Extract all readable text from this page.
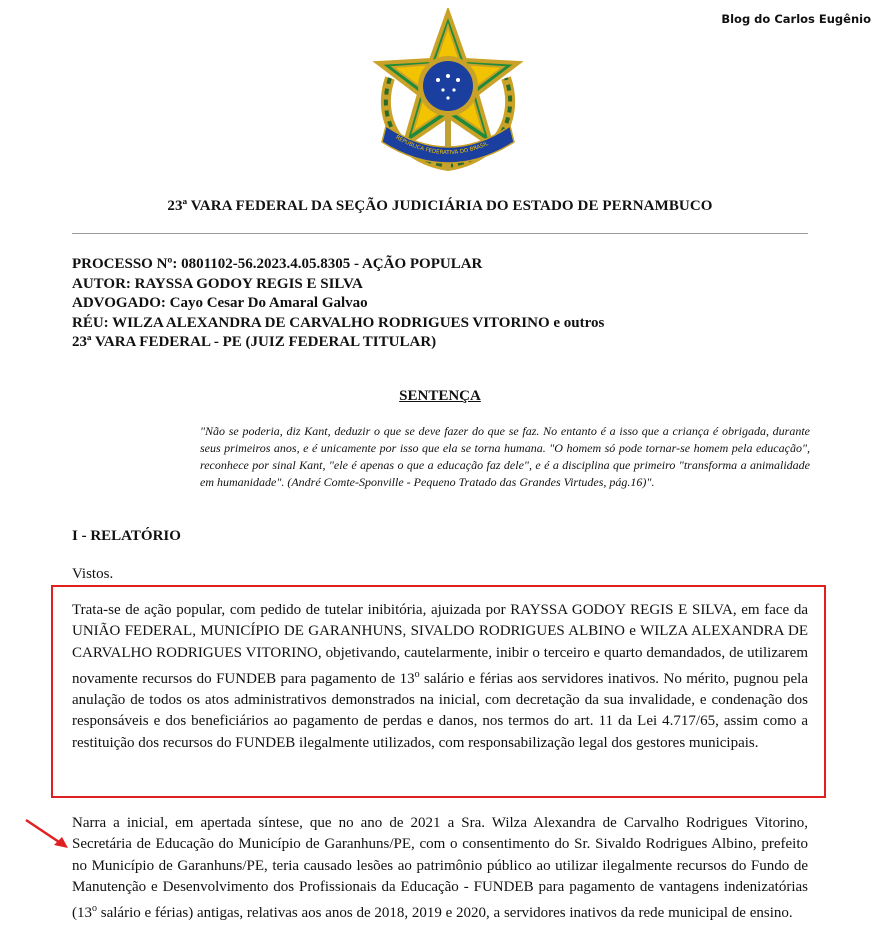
Blog do Carlos Eugênio
REPÚBLICA FEDERATIVA DO BRASIL
23ª VARA FEDERAL DA SEÇÃO JUDICIÁRIA DO ESTADO DE PERNAMBUCO
PROCESSO Nº: 0801102-56.2023.4.05.8305 - AÇÃO POPULAR
AUTOR: RAYSSA GODOY REGIS E SILVA
ADVOGADO: Cayo Cesar Do Amaral Galvao
RÉU: WILZA ALEXANDRA DE CARVALHO RODRIGUES VITORINO e outros
23ª VARA FEDERAL - PE (JUIZ FEDERAL TITULAR)
SENTENÇA
"Não se poderia, diz Kant, deduzir o que se deve fazer do que se faz. No entanto é a isso que a criança é obrigada, durante seus primeiros anos, e é unicamente por isso que ela se torna humana. "O homem só pode tornar-se homem pela educação", reconhece por sinal Kant, "ele é apenas o que a educação faz dele", e é a disciplina que primeiro "transforma a animalidade em humanidade". (André Comte-Sponville - Pequeno Tratado das Grandes Virtudes, pág.16)".
I - RELATÓRIO
Vistos.
Trata-se de ação popular, com pedido de tutelar inibitória, ajuizada por RAYSSA GODOY REGIS E SILVA, em face da UNIÃO FEDERAL, MUNICÍPIO DE GARANHUNS, SIVALDO RODRIGUES ALBINO e WILZA ALEXANDRA DE CARVALHO RODRIGUES VITORINO, objetivando, cautelarmente, inibir o terceiro e quarto demandados, de utilizarem novamente recursos do FUNDEB para pagamento de 13$^o$ salário e férias aos servidores inativos. No mérito, pugnou pela anulação de todos os atos administrativos demonstrados na inicial, com decretação da sua invalidade, e condenação dos responsáveis e dos beneficiários ao pagamento de perdas e danos, nos termos do art. 11 da Lei 4.717/65, assim como a restituição dos recursos do FUNDEB ilegalmente utilizados, com responsabilização legal dos gestores municipais.
Narra a inicial, em apertada síntese, que no ano de 2021 a Sra. Wilza Alexandra de Carvalho Rodrigues Vitorino, Secretária de Educação do Município de Garanhuns/PE, com o consentimento do Sr. Sivaldo Rodrigues Albino, prefeito no Município de Garanhuns/PE, teria causado lesões ao patrimônio público ao utilizar ilegalmente recursos do Fundo de Manutenção e Desenvolvimento dos Profissionais da Educação - FUNDEB para pagamento de vantagens indenizatórias (13$^o$ salário e férias) antigas, relativas aos anos de 2018, 2019 e 2020, a servidores inativos da rede municipal de ensino.
